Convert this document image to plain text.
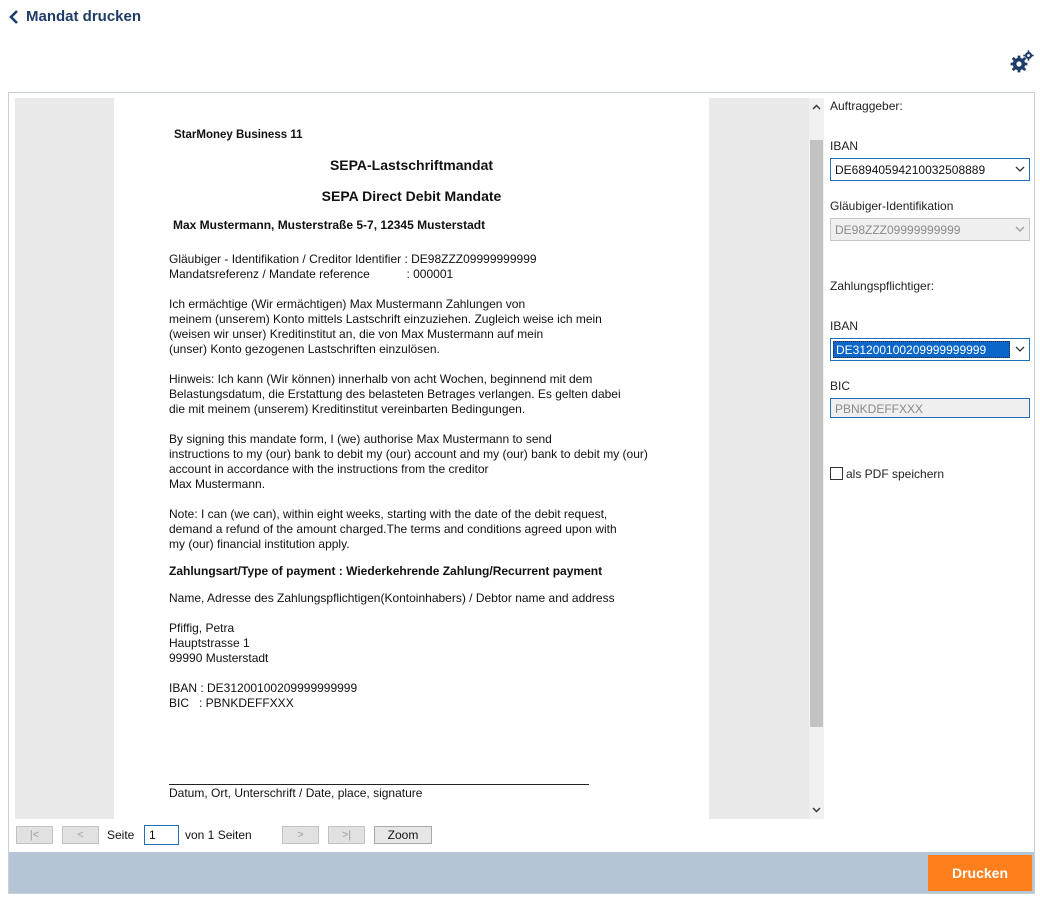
Mandat drucken
StarMoney Business 11
SEPA-Lastschriftmandat
SEPA Direct Debit Mandate
Max Mustermann, Musterstraße 5-7, 12345 Musterstadt
Gläubiger - Identifikation / Creditor Identifier : DE98ZZZ09999999999
Mandatsreferenz / Mandate reference           : 000001
Ich ermächtige (Wir ermächtigen) Max Mustermann Zahlungen von
meinem (unserem) Konto mittels Lastschrift einzuziehen. Zugleich weise ich mein
(weisen wir unser) Kreditinstitut an, die von Max Mustermann auf mein
(unser) Konto gezogenen Lastschriften einzulösen.
Hinweis: Ich kann (Wir können) innerhalb von acht Wochen, beginnend mit dem
Belastungsdatum, die Erstattung des belasteten Betrages verlangen. Es gelten dabei
die mit meinem (unserem) Kreditinstitut vereinbarten Bedingungen.
By signing this mandate form, I (we) authorise Max Mustermann to send
instructions to my (our) bank to debit my (our) account and my (our) bank to debit my (our)
account in accordance with the instructions from the creditor
Max Mustermann.
Note: I can (we can), within eight weeks, starting with the date of the debit request,
demand a refund of the amount charged.The terms and conditions agreed upon with
my (our) financial institution apply.
Zahlungsart/Type of payment : Wiederkehrende Zahlung/Recurrent payment
Name, Adresse des Zahlungspflichtigen(Kontoinhabers) / Debtor name and address
Pfiffig, Petra
Hauptstrasse 1
99990 Musterstadt
IBAN : DE31200100209999999999
BIC   : PBNKDEFFXXX
Datum, Ort, Unterschrift / Date, place, signature
|<	<	Seite
1	von 1 Seiten	>	>|	Zoom
Auftraggeber:
IBAN
DE68940594210032508889
Gläubiger-Identifikation
DE98ZZZ09999999999
Zahlungspflichtiger:
IBAN
DE31200100209999999999
BIC
PBNKDEFFXXX
als PDF speichern
Drucken
